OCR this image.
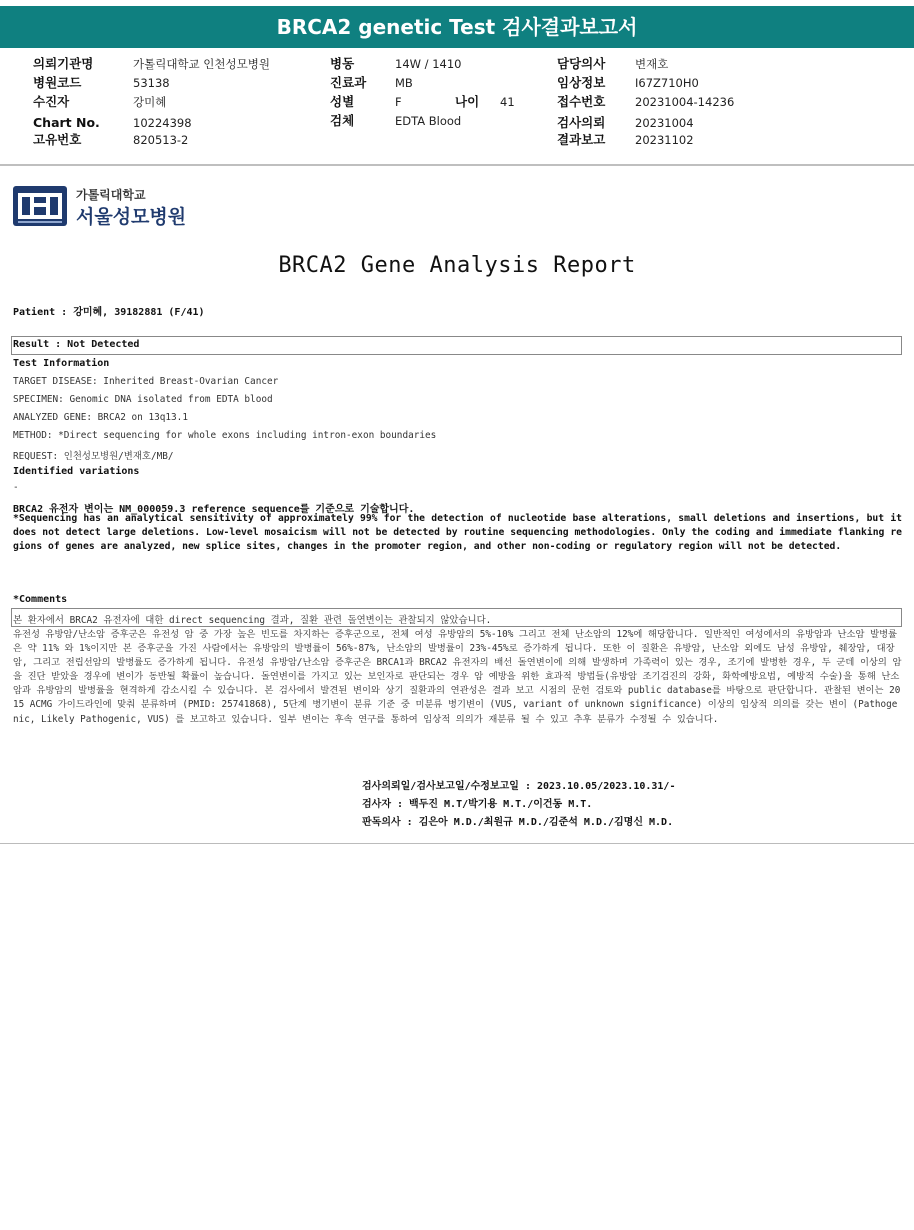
BRCA2 genetic Test 검사결과보고서
의뢰기관명	가톨릭대학교 인천성모병원
병원코드	53138
수진자	강미혜
Chart No.	10224398
고유번호	820513-2
병동	14W / 1410
진료과	MB
성별	F	나이 41
검체	EDTA Blood
담당의사	변재호
임상정보	I67Z710H0
접수번호	20231004-14236
검사의뢰	20231004
결과보고	20231102
가톨릭대학교
서울성모병원
BRCA2 Gene Analysis Report
Patient : 강미혜, 39182881 (F/41)
Result : Not Detected
Test Information
TARGET DISEASE: Inherited Breast-Ovarian Cancer
SPECIMEN: Genomic DNA isolated from EDTA blood
ANALYZED GENE: BRCA2 on 13q13.1
METHOD: *Direct sequencing for whole exons including intron-exon boundaries
REQUEST: 인천성모병원/변재호/MB/
Identified variations
-
BRCA2 유전자 변이는 NM_000059.3 reference sequence를 기준으로 기술합니다.
*Sequencing has an analytical sensitivity of approximately 99% for the detection of nucleotide base alterations, small deletions and insertions, but it does not detect large deletions. Low-level mosaicism will not be detected by routine sequencing methodologies. Only the coding and immediate flanking regions of genes are analyzed, new splice sites, changes in the promoter region, and other non-coding or regulatory region will not be detected.
*Comments
본 환자에서 BRCA2 유전자에 대한 direct sequencing 결과, 질환 관련 돌연변이는 관찰되지 않았습니다.
유전성 유방암/난소암 증후군은 유전성 암 중 가장 높은 빈도를 차지하는 증후군으로, 전체 여성 유방암의 5%-10% 그리고 전체 난소암의 12%에 해당합니다. 일반적인 여성에서의 유방암과 난소암 발병률은 약 11% 와 1%이지만 본 증후군을 가진 사람에서는 유방암의 발병률이 56%-87%, 난소암의 발병률이 23%-45%로 증가하게 됩니다. 또한 이 질환은 유방암, 난소암 외에도 남성 유방암, 췌장암, 대장암, 그리고 전립선암의 발병률도 증가하게 됩니다. 유전성 유방암/난소암 증후군은 BRCA1과 BRCA2 유전자의 배선 돌연변이에 의해 발생하며 가족력이 있는 경우, 조기에 발병한 경우, 두 군데 이상의 암을 진단 받았을 경우에 변이가 동반될 확률이 높습니다. 돌연변이를 가지고 있는 보인자로 판단되는 경우 암 예방을 위한 효과적 방법들(유방암 조기검진의 강화, 화학예방요법, 예방적 수술)을 통해 난소암과 유방암의 발병률을 현격하게 감소시킬 수 있습니다. 본 검사에서 발견된 변이와 상기 질환과의 연관성은 결과 보고 시점의 문헌 검토와 public database를 바탕으로 판단합니다. 관찰된 변이는 2015 ACMG 가이드라인에 맞춰 분류하며 (PMID: 25741868), 5단계 병기변이 분류 기준 중 미분류 병기변이 (VUS, variant of unknown significance) 이상의 임상적 의의를 갖는 변이 (Pathogenic, Likely Pathogenic, VUS) 를 보고하고 있습니다. 일부 변이는 후속 연구를 통하여 임상적 의의가 재분류 될 수 있고 추후 분류가 수정될 수 있습니다.
검사의뢰일/검사보고일/수정보고일 : 2023.10.05/2023.10.31/-
검사자 : 백두진 M.T/박기용 M.T./이건동 M.T.
판독의사 : 김은아 M.D./최원규 M.D./김준석 M.D./김명신 M.D.
